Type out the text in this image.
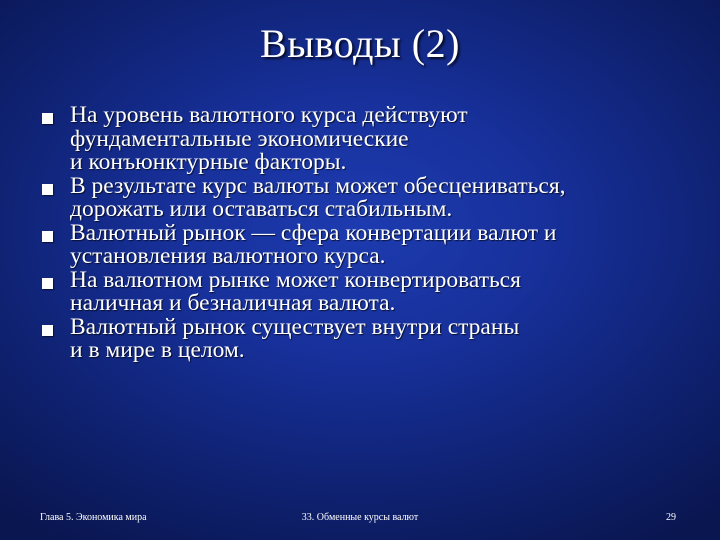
Выводы (2)
На уровень валютного курса действуют
фундаментальные экономические
и конъюнктурные факторы.
В результате курс валюты может обесцениваться,
дорожать или оставаться стабильным.
Валютный рынок — сфера конвертации валют и
установления валютного курса.
На валютном рынке может конвертироваться
наличная и безналичная валюта.
Валютный рынок существует внутри страны
и в мире в целом.
Глава 5. Экономика мира	33. Обменные курсы валют	29
